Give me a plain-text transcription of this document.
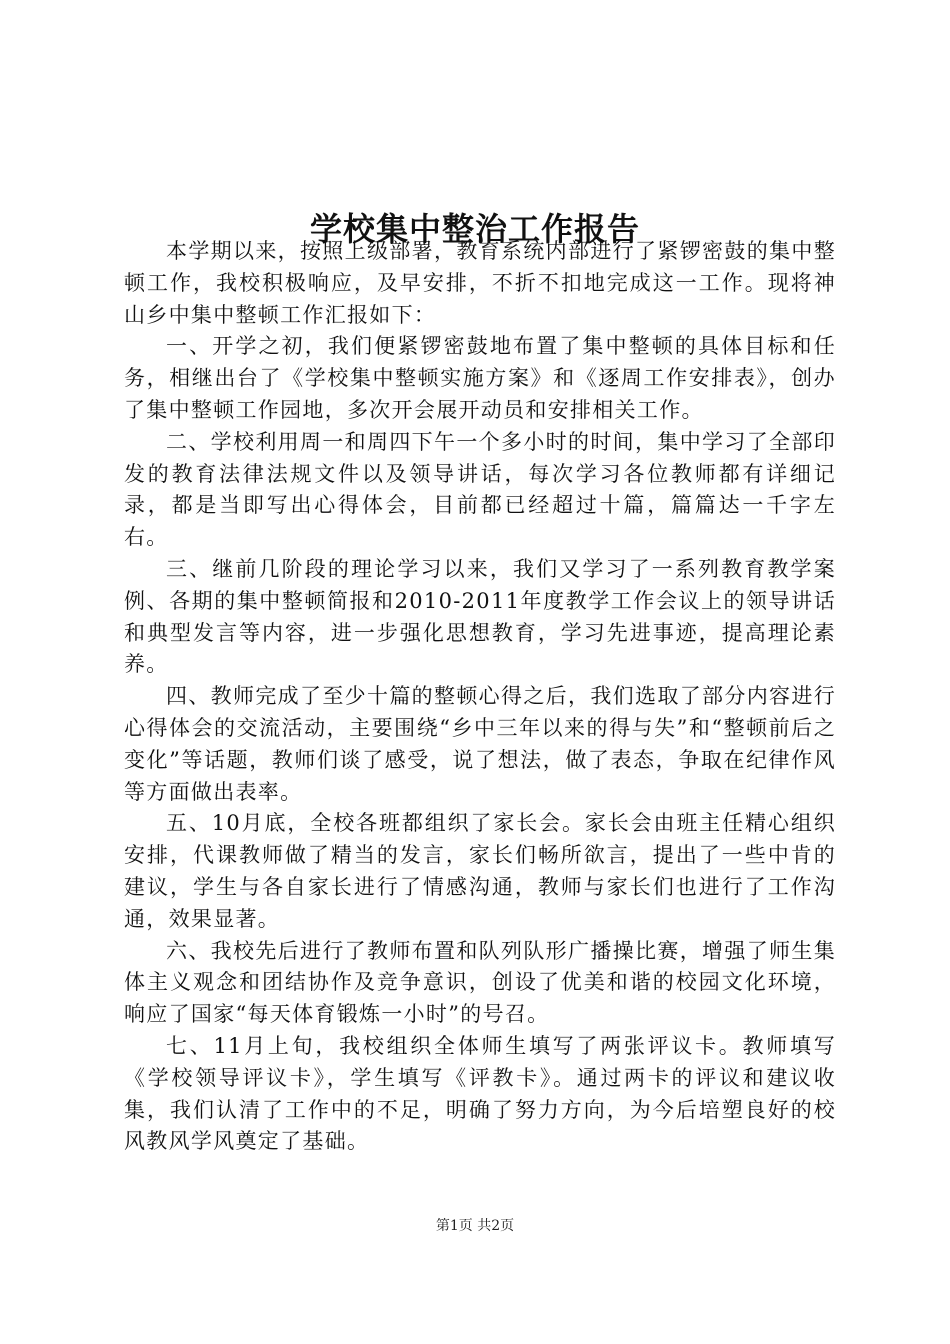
学校集中整治工作报告

本学期以来，按照上级部署，教育系统内部进行了紧锣密鼓的集中整顿工作，我校积极响应，及早安排，不折不扣地完成这一工作。现将神山乡中集中整顿工作汇报如下：

一、开学之初，我们便紧锣密鼓地布置了集中整顿的具体目标和任务，相继出台了《学校集中整顿实施方案》和《逐周工作安排表》，创办了集中整顿工作园地，多次开会展开动员和安排相关工作。

二、学校利用周一和周四下午一个多小时的时间，集中学习了全部印发的教育法律法规文件以及领导讲话，每次学习各位教师都有详细记录，都是当即写出心得体会，目前都已经超过十篇，篇篇达一千字左右。

三、继前几阶段的理论学习以来，我们又学习了一系列教育教学案例、各期的集中整顿简报和2010-2011年度教学工作会议上的领导讲话和典型发言等内容，进一步强化思想教育，学习先进事迹，提高理论素养。

四、教师完成了至少十篇的整顿心得之后，我们选取了部分内容进行心得体会的交流活动，主要围绕“乡中三年以来的得与失”和“整顿前后之变化”等话题，教师们谈了感受，说了想法，做了表态，争取在纪律作风等方面做出表率。

五、10月底，全校各班都组织了家长会。家长会由班主任精心组织安排，代课教师做了精当的发言，家长们畅所欲言，提出了一些中肯的建议，学生与各自家长进行了情感沟通，教师与家长们也进行了工作沟通，效果显著。

六、我校先后进行了教师布置和队列队形广播操比赛，增强了师生集体主义观念和团结协作及竞争意识，创设了优美和谐的校园文化环境，响应了国家“每天体育锻炼一小时”的号召。

七、11月上旬，我校组织全体师生填写了两张评议卡。教师填写《学校领导评议卡》，学生填写《评教卡》。通过两卡的评议和建议收集，我们认清了工作中的不足，明确了努力方向，为今后培塑良好的校风教风学风奠定了基础。

第1页 共2页
